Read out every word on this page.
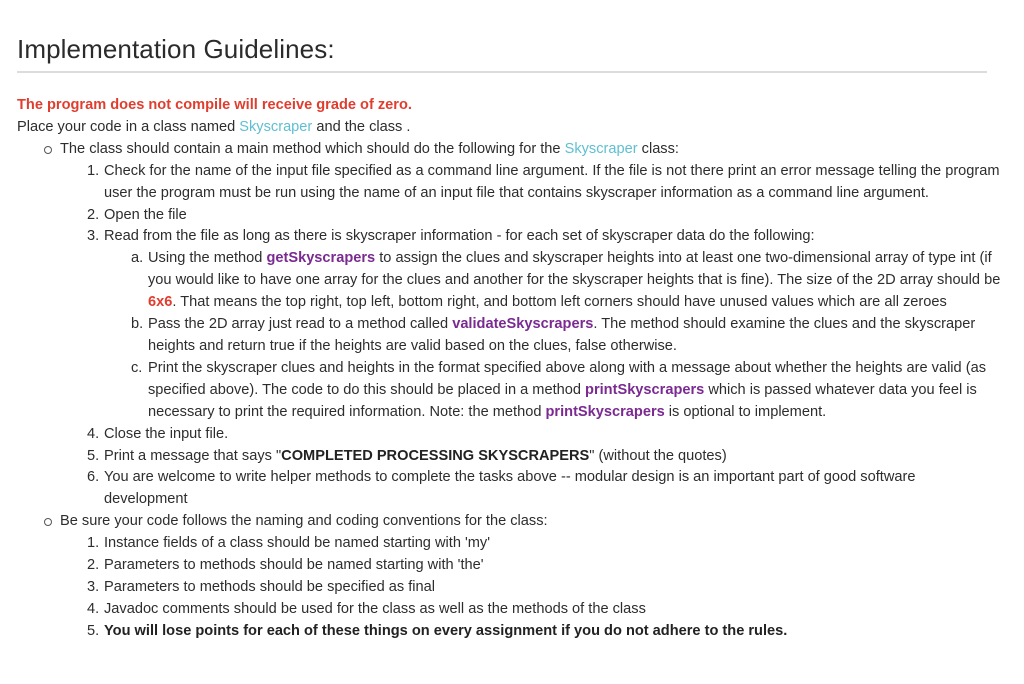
Implementation Guidelines:

The program does not compile will receive grade of zero.

Place your code in a class named Skyscraper and the class .

The class should contain a main method which should do the following for the Skyscraper class:
1. Check for the name of the input file specified as a command line argument. If the file is not there print an error message telling the program user the program must be run using the name of an input file that contains skyscraper information as a command line argument.
2. Open the file
3. Read from the file as long as there is skyscraper information - for each set of skyscraper data do the following:
a. Using the method getSkyscrapers to assign the clues and skyscraper heights into at least one two-dimensional array of type int (if you would like to have one array for the clues and another for the skyscraper heights that is fine). The size of the 2D array should be 6x6. That means the top right, top left, bottom right, and bottom left corners should have unused values which are all zeroes
b. Pass the 2D array just read to a method called validateSkyscrapers. The method should examine the clues and the skyscraper heights and return true if the heights are valid based on the clues, false otherwise.
c. Print the skyscraper clues and heights in the format specified above along with a message about whether the heights are valid (as specified above). The code to do this should be placed in a method printSkyscrapers which is passed whatever data you feel is necessary to print the required information. Note: the method printSkyscrapers is optional to implement.
4. Close the input file.
5. Print a message that says "COMPLETED PROCESSING SKYSCRAPERS" (without the quotes)
6. You are welcome to write helper methods to complete the tasks above -- modular design is an important part of good software development
Be sure your code follows the naming and coding conventions for the class:
1. Instance fields of a class should be named starting with 'my'
2. Parameters to methods should be named starting with 'the'
3. Parameters to methods should be specified as final
4. Javadoc comments should be used for the class as well as the methods of the class
5. You will lose points for each of these things on every assignment if you do not adhere to the rules.
